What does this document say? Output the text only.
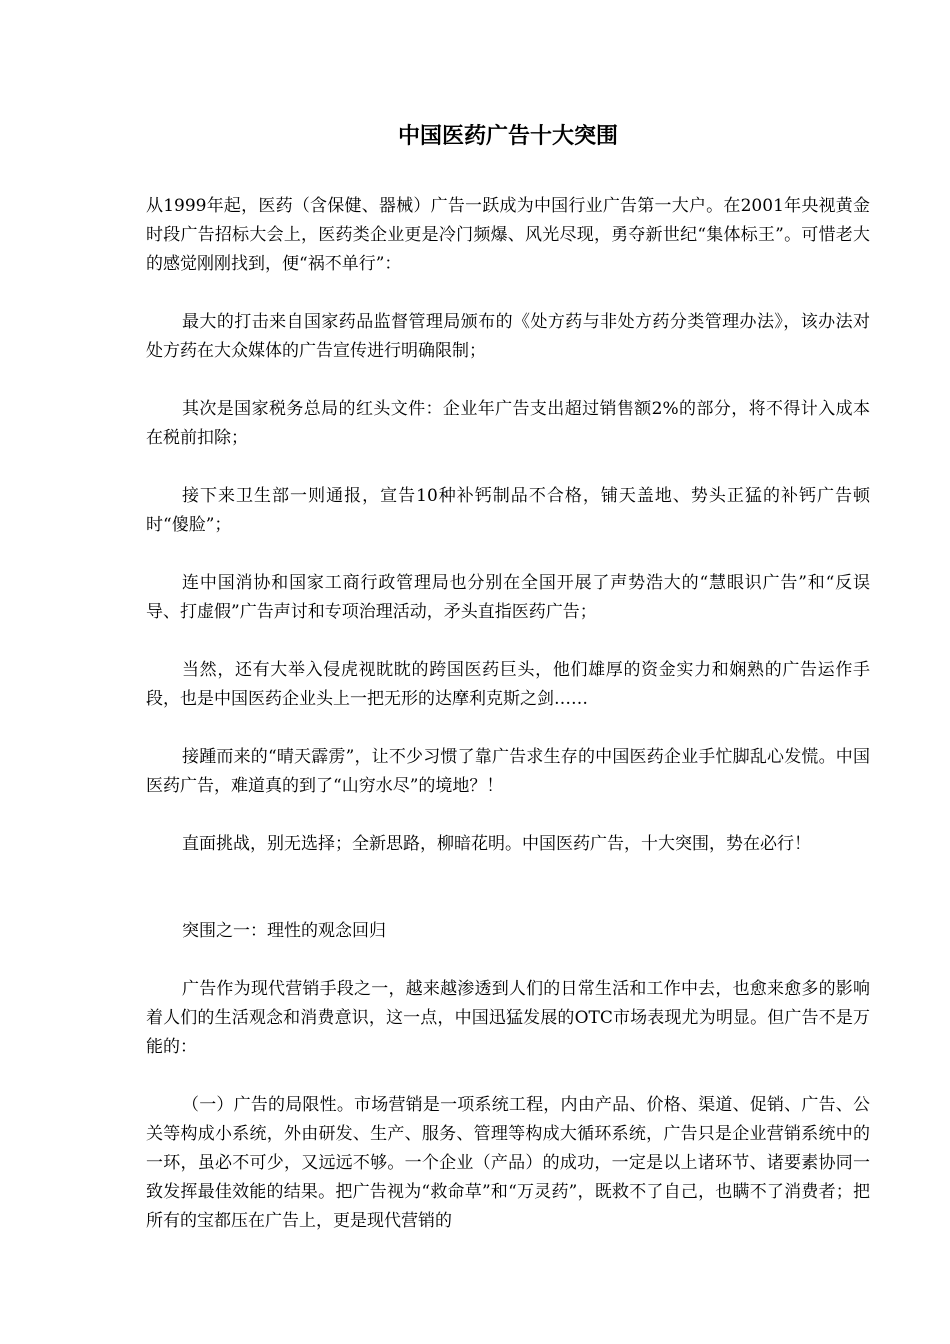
中国医药广告十大突围

从1999年起，医药（含保健、器械）广告一跃成为中国行业广告第一大户。在2001年央视黄金时段广告招标大会上，医药类企业更是冷门频爆、风光尽现，勇夺新世纪“集体标王”。可惜老大的感觉刚刚找到，便“祸不单行”：

最大的打击来自国家药品监督管理局颁布的《处方药与非处方药分类管理办法》，该办法对处方药在大众媒体的广告宣传进行明确限制；

其次是国家税务总局的红头文件：企业年广告支出超过销售额2%的部分，将不得计入成本在税前扣除；

接下来卫生部一则通报，宣告10种补钙制品不合格，铺天盖地、势头正猛的补钙广告顿时“傻脸”；

连中国消协和国家工商行政管理局也分别在全国开展了声势浩大的“慧眼识广告”和“反误导、打虚假”广告声讨和专项治理活动，矛头直指医药广告；

当然，还有大举入侵虎视眈眈的跨国医药巨头，他们雄厚的资金实力和娴熟的广告运作手段，也是中国医药企业头上一把无形的达摩利克斯之剑……

接踵而来的“晴天霹雳”，让不少习惯了靠广告求生存的中国医药企业手忙脚乱心发慌。中国医药广告，难道真的到了“山穷水尽”的境地？！

直面挑战，别无选择；全新思路，柳暗花明。中国医药广告，十大突围，势在必行！

突围之一：理性的观念回归

广告作为现代营销手段之一，越来越渗透到人们的日常生活和工作中去，也愈来愈多的影响着人们的生活观念和消费意识，这一点，中国迅猛发展的OTC市场表现尤为明显。但广告不是万能的：

（一）广告的局限性。市场营销是一项系统工程，内由产品、价格、渠道、促销、广告、公关等构成小系统，外由研发、生产、服务、管理等构成大循环系统，广告只是企业营销系统中的一环，虽必不可少，又远远不够。一个企业（产品）的成功，一定是以上诸环节、诸要素协同一致发挥最佳效能的结果。把广告视为“救命草”和“万灵药”，既救不了自己，也瞒不了消费者；把所有的宝都压在广告上，更是现代营销的
